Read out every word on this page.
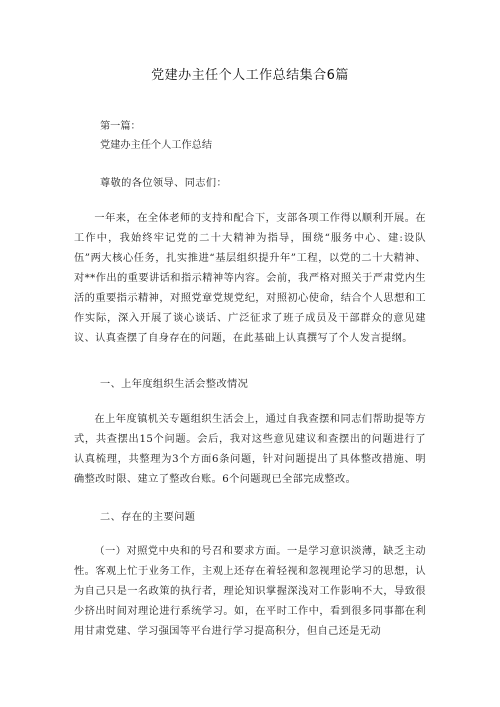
党建办主任个人工作总结集合6篇
第一篇：
党建办主任个人工作总结
尊敬的各位领导、同志们：
一年来，在全体老师的支持和配合下，支部各项工作得以顺利开展。在工作中，我始终牢记党的二十大精神为指导，围绕“服务中心、建:设队伍”两大核心任务，扎实推进“基层组织提升年”工程，以党的二十大精神、对**作出的重要讲话和指示精神等内容。会前，我严格对照关于严肃党内生活的重要指示精神，对照党章党规党纪，对照初心使命，结合个人思想和工作实际，深入开展了谈心谈话、广泛征求了班子成员及干部群众的意见建议、认真查摆了自身存在的问题，在此基础上认真撰写了个人发言提纲。
一、上年度组织生活会整改情况
在上年度镇机关专题组织生活会上，通过自我查摆和同志们帮助提等方式，共查摆出15个问题。会后，我对这些意见建议和查摆出的问题进行了认真梳理，共整理为3个方面6条问题，针对问题提出了具体整改措施、明确整改时限、建立了整改台账。6个问题现已全部完成整改。
二、存在的主要问题
（一）对照党中央和的号召和要求方面。一是学习意识淡薄，缺乏主动性。客观上忙于业务工作，主观上还存在着轻视和忽视理论学习的思想，认为自己只是一名政策的执行者，理论知识掌握深浅对工作影响不大，导致很少挤出时间对理论进行系统学习。如，在平时工作中，看到很多同事都在利用甘肃党建、学习强国等平台进行学习提高积分，但自己还是无动
